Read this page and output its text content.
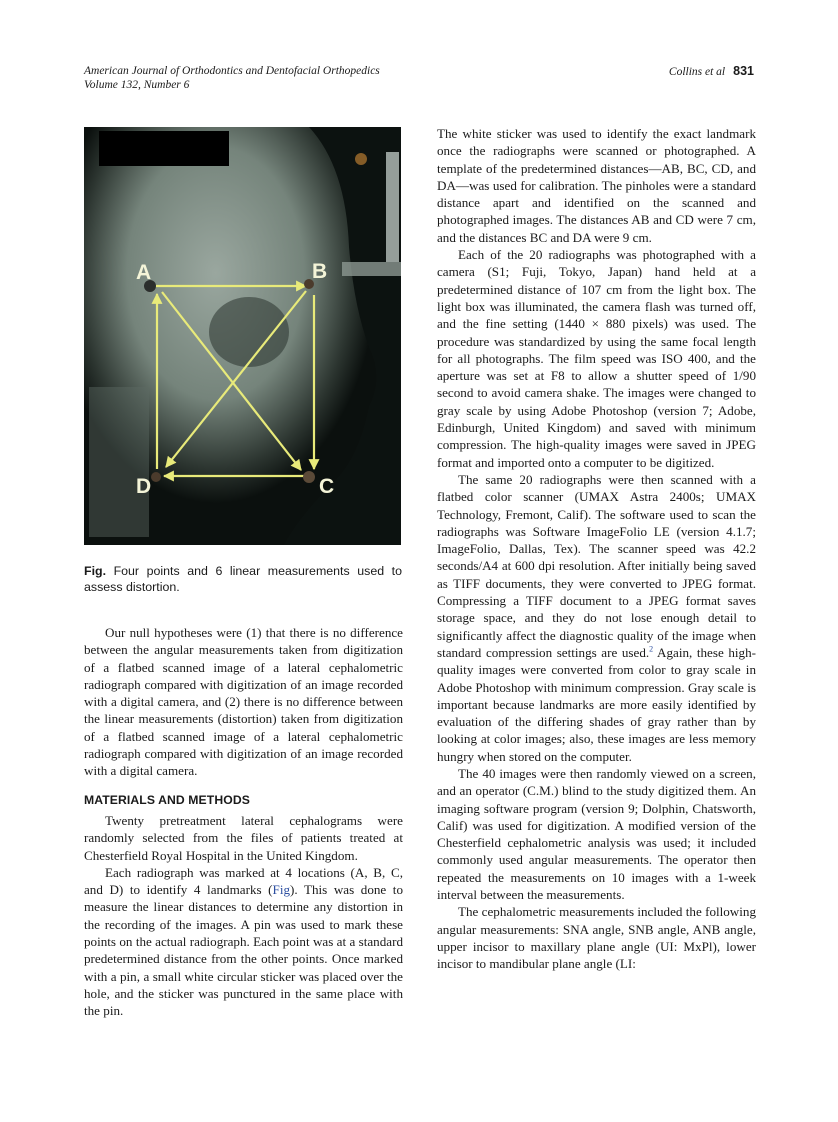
American Journal of Orthodontics and Dentofacial Orthopedics
Volume 132, Number 6
Collins et al 831
A	B
C
D
Fig. Four points and 6 linear measurements used to assess distortion.

Our null hypotheses were (1) that there is no difference between the angular measurements taken from digitization of a flatbed scanned image of a lateral cephalometric radiograph compared with digitization of an image recorded with a digital camera, and (2) there is no difference between the linear measurements (distortion) taken from digitization of a flatbed scanned image of a lateral cephalometric radiograph compared with digitization of an image recorded with a digital camera.

MATERIALS AND METHODS

Twenty pretreatment lateral cephalograms were randomly selected from the files of patients treated at Chesterfield Royal Hospital in the United Kingdom.

Each radiograph was marked at 4 locations (A, B, C, and D) to identify 4 landmarks (Fig). This was done to measure the linear distances to determine any distortion in the recording of the images. A pin was used to mark these points on the actual radiograph. Each point was at a standard predetermined distance from the other points. Once marked with a pin, a small white circular sticker was placed over the hole, and the sticker was punctured in the same place with the pin.

The white sticker was used to identify the exact landmark once the radiographs were scanned or photographed. A template of the predetermined distances—AB, BC, CD, and DA—was used for calibration. The pinholes were a standard distance apart and identified on the scanned and photographed images. The distances AB and CD were 7 cm, and the distances BC and DA were 9 cm.

Each of the 20 radiographs was photographed with a camera (S1; Fuji, Tokyo, Japan) hand held at a predetermined distance of 107 cm from the light box. The light box was illuminated, the camera flash was turned off, and the fine setting (1440 × 880 pixels) was used. The procedure was standardized by using the same focal length for all photographs. The film speed was ISO 400, and the aperture was set at F8 to allow a shutter speed of 1/90 second to avoid camera shake. The images were changed to gray scale by using Adobe Photoshop (version 7; Adobe, Edinburgh, United Kingdom) and saved with minimum compression. The high-quality images were saved in JPEG format and imported onto a computer to be digitized.

The same 20 radiographs were then scanned with a flatbed color scanner (UMAX Astra 2400s; UMAX Technology, Fremont, Calif). The software used to scan the radiographs was Software ImageFolio LE (version 4.1.7; ImageFolio, Dallas, Tex). The scanner speed was 42.2 seconds/A4 at 600 dpi resolution. After initially being saved as TIFF documents, they were converted to JPEG format. Compressing a TIFF document to a JPEG format saves storage space, and they do not lose enough detail to significantly affect the diagnostic quality of the image when standard compression settings are used.$^2$ Again, these high-quality images were converted from color to gray scale in Adobe Photoshop with minimum compression. Gray scale is important because landmarks are more easily identified by evaluation of the differing shades of gray rather than by looking at color images; also, these images are less memory hungry when stored on the computer.

The 40 images were then randomly viewed on a screen, and an operator (C.M.) blind to the study digitized them. An imaging software program (version 9; Dolphin, Chatsworth, Calif) was used for digitization. A modified version of the Chesterfield cephalometric analysis was used; it included commonly used angular measurements. The operator then repeated the measurements on 10 images with a 1-week interval between the measurements.

The cephalometric measurements included the following angular measurements: SNA angle, SNB angle, ANB angle, upper incisor to maxillary plane angle (UI: MxPl), lower incisor to mandibular plane angle (LI:
